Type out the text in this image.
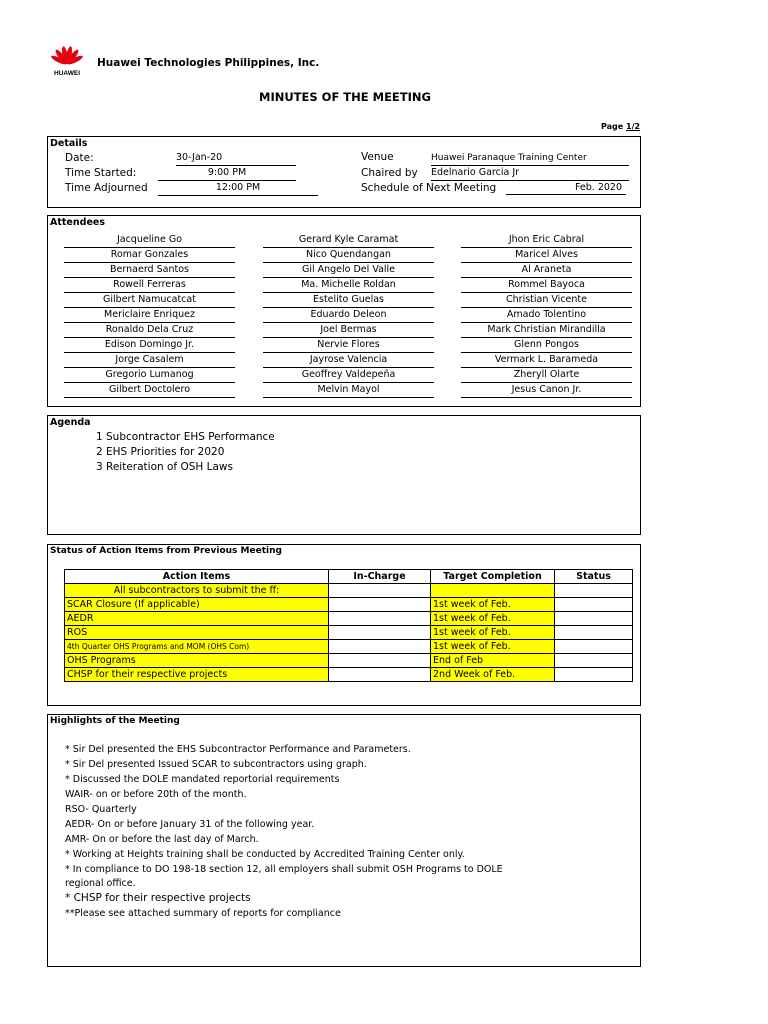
HUAWEI
Huawei Technologies Philippines, Inc.
MINUTES OF THE MEETING
Page 1/2
Details
Date:	30-Jan-20
Time Started:	9:00 PM
Time Adjourned	12:00 PM
Venue	Huawei Paranaque Training Center
Chaired by Edelnario Garcia Jr
Schedule of Next Meeting	Feb. 2020
Attendees
Jacqueline Go
Romar Gonzales
Bernaerd Santos
Rowell Ferreras
Gilbert Namucatcat
Mericlaire Enriquez
Ronaldo Dela Cruz
Edison Domingo Jr.
Jorge Casalem
Gregorio Lumanog
Gilbert Doctolero
Gerard Kyle Caramat
Nico Quendangan
Gil Angelo Del Valle
Ma. Michelle Roldan
Estelito Guelas
Eduardo Deleon
Joel Bermas
Nervie Flores
Jayrose Valencia
Geoffrey Valdepeña
Melvin Mayol
Jhon Eric Cabral
Maricel Alves
Al Araneta
Rommel Bayoca
Christian Vicente
Amado Tolentino
Mark Christian Mirandilla
Glenn Pongos
Vermark L. Barameda
Zheryll Olarte
Jesus Canon Jr.
Agenda
1 Subcontractor EHS Performance
2 EHS Priorities for 2020
3 Reiteration of OSH Laws
Status of Action Items from Previous Meeting
Action Items	In-Charge	Target Completion	Status
All subcontractors to submit the ff:			
SCAR Closure (If applicable)		1st week of Feb.	
AEDR		1st week of Feb.	
ROS		1st week of Feb.	
4th Quarter OHS Programs and MOM (OHS Com)		1st week of Feb.	
OHS Programs		End of Feb	
CHSP for their respective projects		2nd Week of Feb.	
Highlights of the Meeting
* Sir Del presented the EHS Subcontractor Performance and Parameters.
* Sir Del presented Issued SCAR to subcontractors using graph.
* Discussed the DOLE mandated reportorial requirements
WAIR- on or before 20th of the month.
RSO- Quarterly
AEDR- On or before January 31 of the following year.
AMR- On or before the last day of March.
* Working at Heights training shall be conducted by Accredited Training Center only.
* In compliance to DO 198-18 section 12, all employers shall submit OSH Programs to DOLE
regional office.
* CHSP for their respective projects
**Please see attached summary of reports for compliance
